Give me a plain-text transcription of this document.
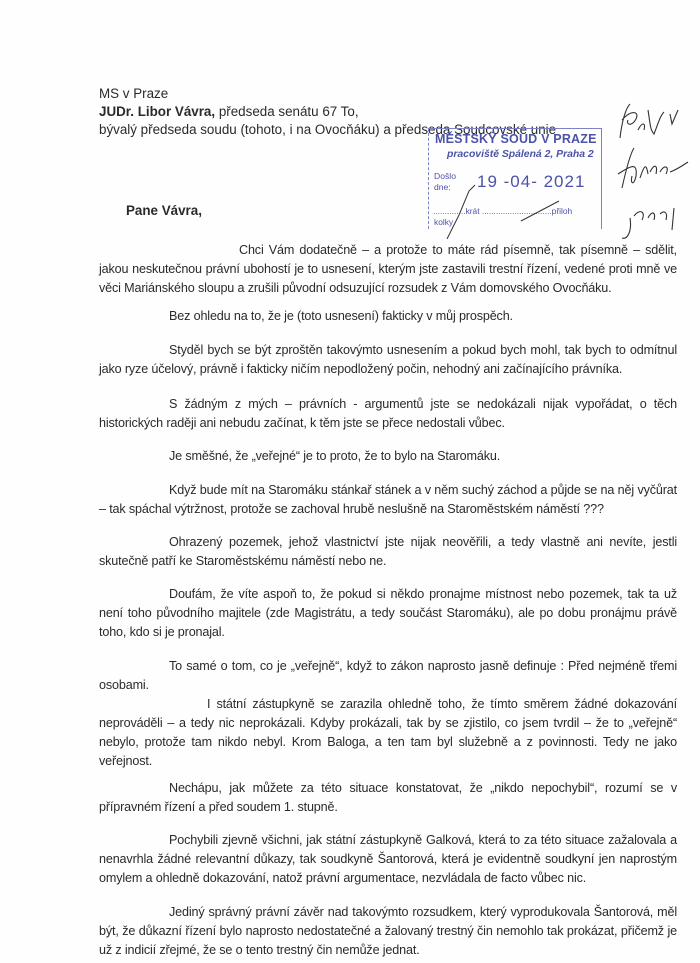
MS v Praze
JUDr. Libor Vávra, předseda senátu 67 To,
bývalý předseda soudu (tohoto, i na Ovocňáku) a předseda Soudcovské unie
MĚSTSKÝ SOUD V PRAZE
pracoviště Spálená 2, Praha 2
Došlo
dne:	19 -04- 2021
..............krát ..............................přiloh
kolky
Pane Vávra,
Chci Vám dodatečně – a protože to máte rád písemně, tak písemně – sdělit, jakou neskutečnou právní ubohostí je to usnesení, kterým jste zastavili trestní řízení, vedené proti mně ve věci Mariánského sloupu a zrušili původní odsuzující rozsudek z Vám domovského Ovocňáku.
Bez ohledu na to, že je (toto usnesení) fakticky v můj prospěch.
Styděl bych se být zproštěn takovýmto usnesením a pokud bych mohl, tak bych to odmítnul jako ryze účelový, právně i fakticky ničím nepodložený počin, nehodný ani začínajícího právníka.
S žádným z mých – právních - argumentů jste se nedokázali nijak vypořádat, o těch historických raději ani nebudu začínat, k těm jste se přece nedostali vůbec.
Je směšné, že „veřejné“ je to proto, že to bylo na Staromáku.
Když bude mít na Staromáku stánkař stánek a v něm suchý záchod a půjde se na něj vyčůrat – tak spáchal výtržnost, protože se zachoval hrubě neslušně na Staroměstském náměstí ???
Ohrazený pozemek, jehož vlastnictví jste nijak neověřili, a tedy vlastně ani nevíte, jestli skutečně patří ke Staroměstskému náměstí nebo ne.
Doufám, že víte aspoň to, že pokud si někdo pronajme místnost nebo pozemek, tak ta už není toho původního majitele (zde Magistrátu, a tedy součást Staromáku), ale po dobu pronájmu právě toho, kdo si je pronajal.
To samé o tom, co je „veřejně“, když to zákon naprosto jasně definuje : Před nejméně třemi osobami.
I státní zástupkyně se zarazila ohledně toho, že tímto směrem žádné dokazování neprováděli – a tedy nic neprokázali. Kdyby prokázali, tak by se zjistilo, co jsem tvrdil – že to „veřejně“ nebylo, protože tam nikdo nebyl. Krom Baloga, a ten tam byl služebně a z povinnosti. Tedy ne jako veřejnost.
Nechápu, jak můžete za této situace konstatovat, že „nikdo nepochybil“, rozumí se v přípravném řízení a před soudem 1. stupně.
Pochybili zjevně všichni, jak státní zástupkyně Galková, která to za této situace zažalovala a nenavrhla žádné relevantní důkazy, tak soudkyně Šantorová, která je evidentně soudkyní jen naprostým omylem a ohledně dokazování, natož právní argumentace, nezvládala de facto vůbec nic.
Jediný správný právní závěr nad takovýmto rozsudkem, který vyprodukovala Šantorová, měl být, že důkazní řízení bylo naprosto nedostatečné a žalovaný trestný čin nemohlo tak prokázat, přičemž je už z indicií zřejmé, že se o tento trestný čin nemůže jednat.
